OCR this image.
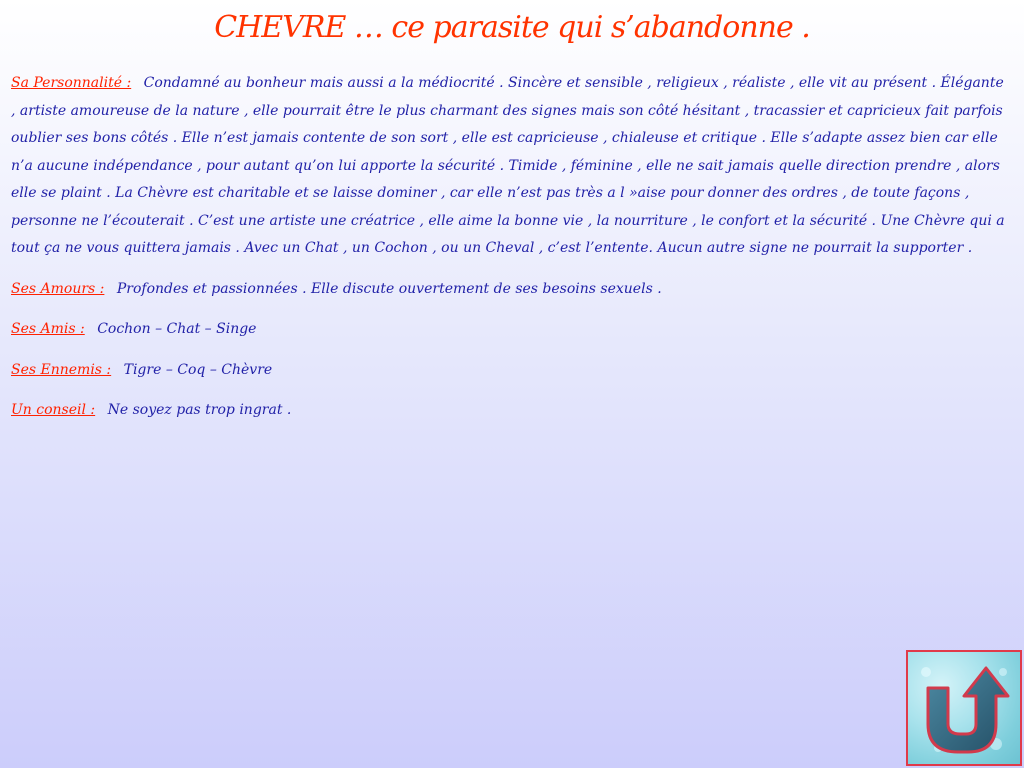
CHEVRE … ce parasite qui s’abandonne .

Sa Personnalité : Condamné au bonheur mais aussi a la médiocrité . Sincère et sensible , religieux , réaliste , elle vit au présent . Élégante , artiste amoureuse de la nature , elle pourrait être le plus charmant des signes mais son côté hésitant , tracassier et capricieux fait parfois oublier ses bons côtés . Elle n’est jamais contente de son sort , elle est capricieuse , chialeuse et critique . Elle s’adapte assez bien car elle n’a aucune indépendance , pour autant qu’on lui apporte la sécurité . Timide , féminine , elle ne sait jamais quelle direction prendre , alors elle se plaint . La Chèvre est charitable et se laisse dominer , car elle n’est pas très a l »aise pour donner des ordres , de toute façons , personne ne l’écouterait . C’est une artiste une créatrice , elle aime la bonne vie , la nourriture , le confort et la sécurité . Une Chèvre qui a tout ça ne vous quittera jamais . Avec un Chat , un Cochon , ou un Cheval , c’est l’entente. Aucun autre signe ne pourrait la supporter .

Ses Amours : Profondes et passionnées . Elle discute ouvertement de ses besoins sexuels .

Ses Amis : Cochon – Chat – Singe

Ses Ennemis : Tigre – Coq – Chèvre

Un conseil : Ne soyez pas trop ingrat .
